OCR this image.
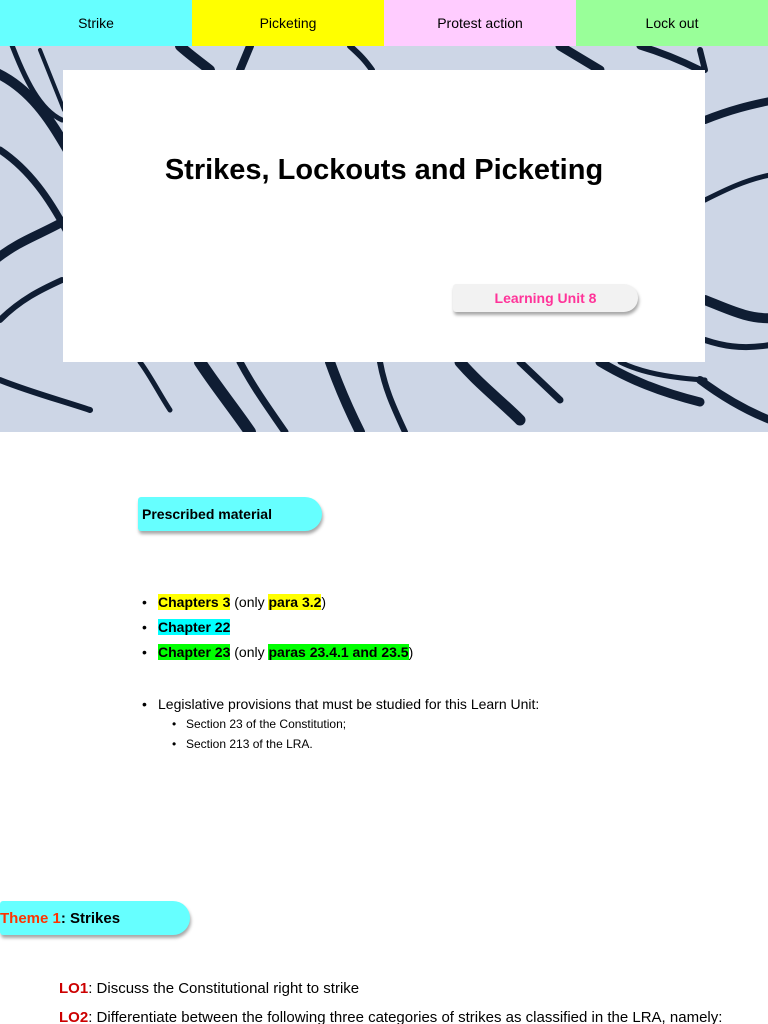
Strike	Picketing	Protest action	Lock out
Strikes, Lockouts and Picketing
Learning Unit 8
Prescribed material
• Chapters 3 (only para 3.2)
• Chapter 22
• Chapter 23 (only paras 23.4.1 and 23.5)
• Legislative provisions that must be studied for this Learn Unit:
• Section 23 of the Constitution;
• Section 213 of the LRA.
Theme 1 : Strikes
LO1: Discuss the Constitutional right to strike
LO2: Differentiate between the following three categories of strikes as classified in the LRA, namely:
